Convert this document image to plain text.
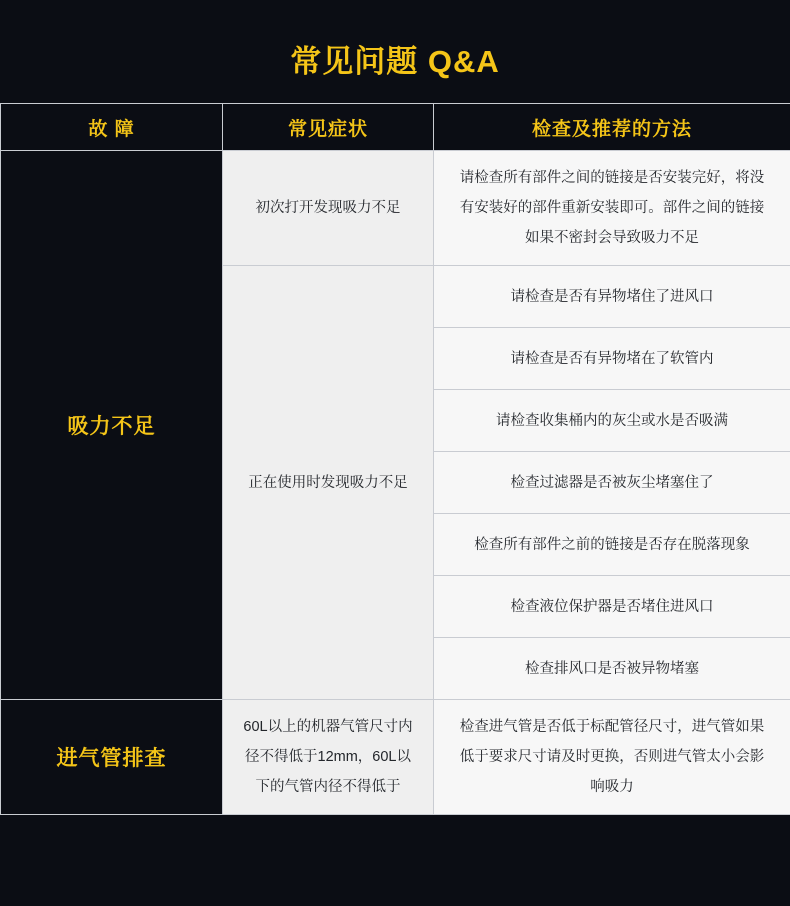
常见问题 Q&A
故 障	常见症状	检查及推荐的方法
吸力不足	初次打开发现吸力不足	请检查所有部件之间的链接是否安装完好，将没有安装好的部件重新安装即可。部件之间的链接如果不密封会导致吸力不足
	正在使用时发现吸力不足	请检查是否有异物堵住了进风口
		请检查是否有异物堵在了软管内
		请检查收集桶内的灰尘或水是否吸满
		检查过滤器是否被灰尘堵塞住了
		检查所有部件之前的链接是否存在脱落现象
		检查液位保护器是否堵住进风口
		检查排风口是否被异物堵塞
进气管排查	60L以上的机器气管尺寸内径不得低于12mm，60L以下的气管内径不得低于	检查进气管是否低于标配管径尺寸，进气管如果低于要求尺寸请及时更换，否则进气管太小会影响吸力
